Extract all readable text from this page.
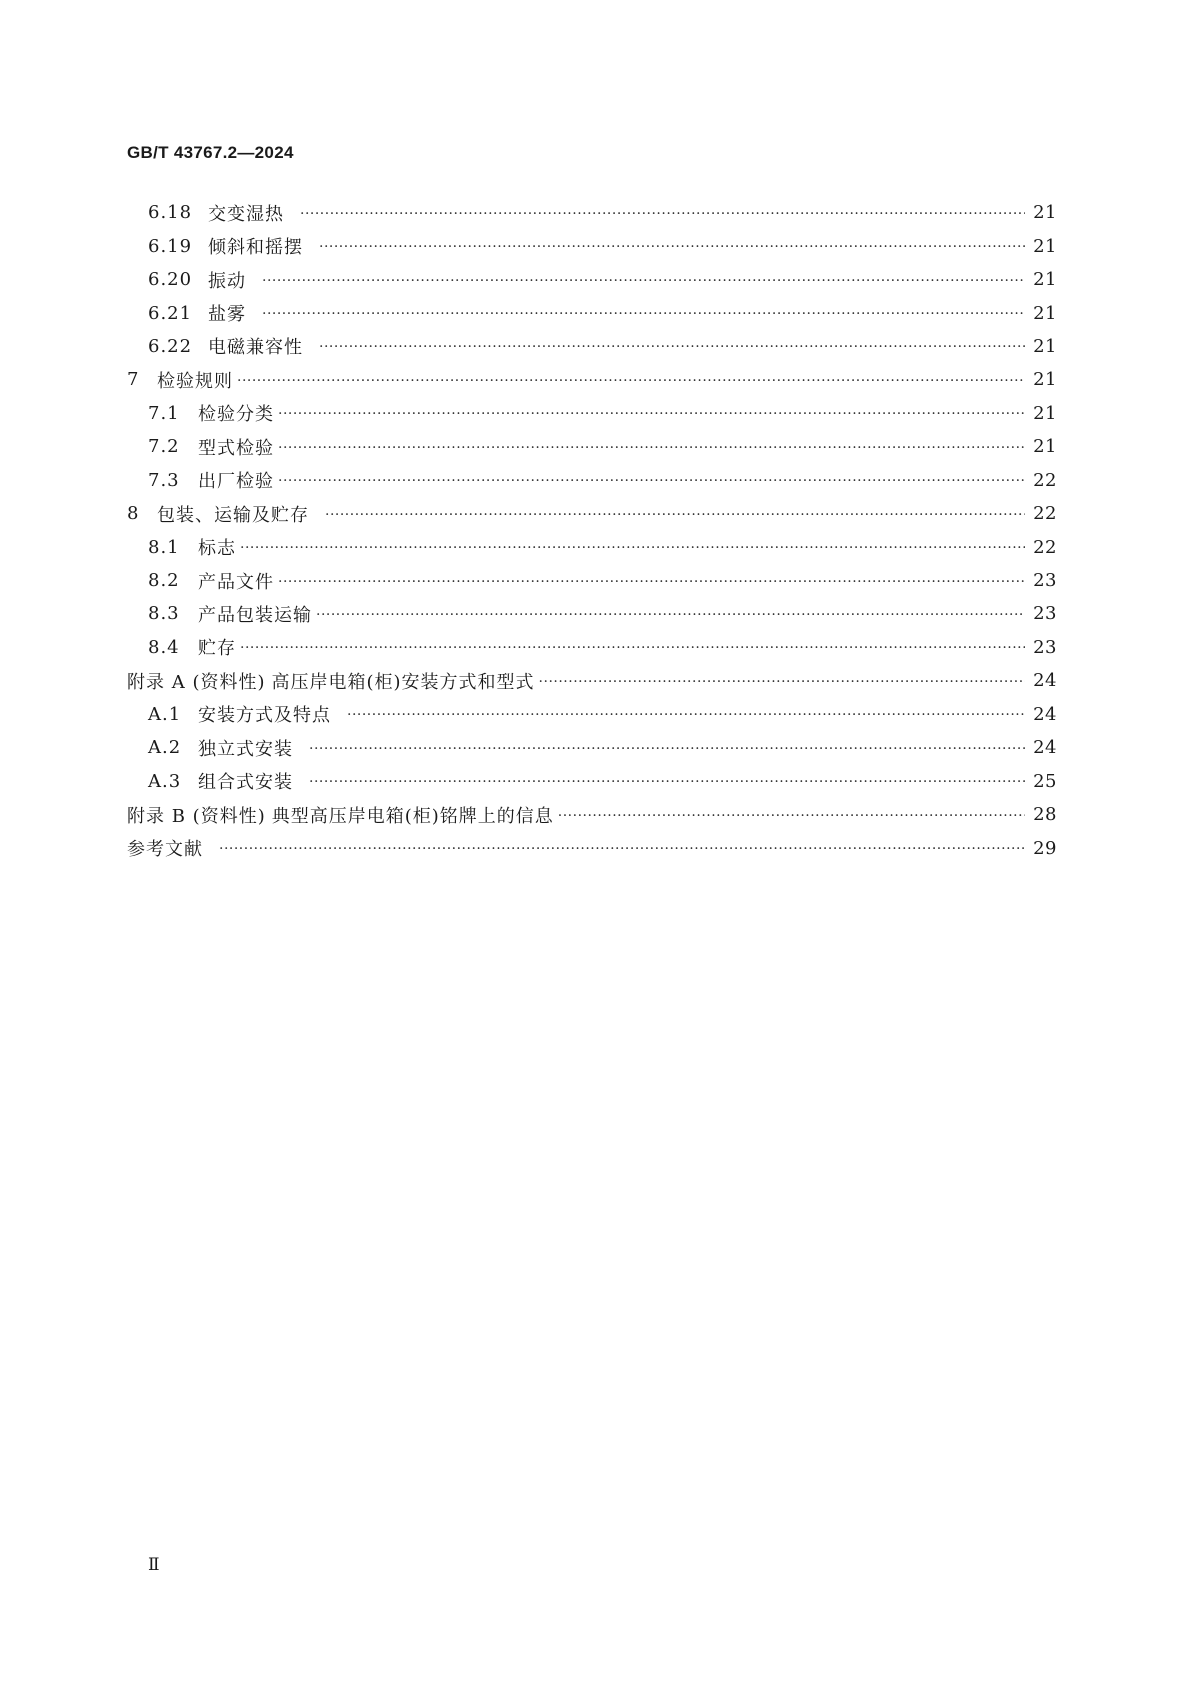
GB/T 43767.2—2024
6.18 交变湿热 ·····	21
6.19 倾斜和摇摆 ·····	21
6.20 振动 ·····	21
6.21 盐雾 ·····	21
6.22 电磁兼容性 ·····	21
7 检验规则 ·····	21
7.1	检验分类 ·····	21
7.2	型式检验 ·····	21
7.3	出厂检验 ·····	22
8 包装、运输及贮存 ·····	22
8.1	标志 ·····	22
8.2	产品文件 ·····	23
8.3	产品包装运输 ·····	23
8.4	贮存 ·····	23
附录 A (资料性) 高压岸电箱(柜)安装方式和型式 ·····	24
A.1 安装方式及特点 ·····	24
A.2 独立式安装 ·····	24
A.3 组合式安装 ·····	25
附录 B (资料性) 典型高压岸电箱(柜)铭牌上的信息 ·····	28
参考文献 ·····	29
Ⅱ
